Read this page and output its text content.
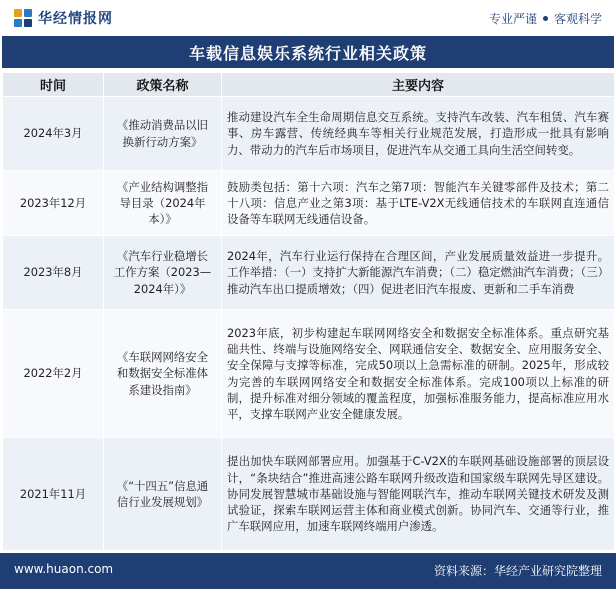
华经情报网	专业严谨 客观科学
车载信息娱乐系统行业相关政策
时间	政策名称	主要内容
2024年3月	《推动消费品以旧换新行动方案》	推动建设汽车全生命周期信息交互系统。支持汽车改装、汽车租赁、汽车赛事、房车露营、传统经典车等相关行业规范发展，打造形成一批具有影响力、带动力的汽车后市场项目，促进汽车从交通工具向生活空间转变。
2023年12月	《产业结构调整指导目录（2024年本）》	鼓励类包括：第十六项：汽车之第7项：智能汽车关键零部件及技术；第二十八项：信息产业之第3项：基于LTE-V2X无线通信技术的车联网直连通信设备等车联网无线通信设备。
2023年8月	《汽车行业稳增长工作方案（2023—2024年）》	2024年，汽车行业运行保持在合理区间，产业发展质量效益进一步提升。工作举措：（一）支持扩大新能源汽车消费；（二）稳定燃油汽车消费；（三）推动汽车出口提质增效；（四）促进老旧汽车报废、更新和二手车消费
2022年2月	《车联网网络安全和数据安全标准体系建设指南》	2023年底，初步构建起车联网网络安全和数据安全标准体系。重点研究基础共性、终端与设施网络安全、网联通信安全、数据安全、应用服务安全、安全保障与支撑等标准，完成50项以上急需标准的研制。2025年，形成较为完善的车联网网络安全和数据安全标准体系。完成100项以上标准的研制，提升标准对细分领域的覆盖程度，加强标准服务能力，提高标准应用水平，支撑车联网产业安全健康发展。
2021年11月	《“十四五”信息通信行业发展规划》	提出加快车联网部署应用。加强基于C-V2X的车联网基础设施部署的顶层设计，“条块结合”推进高速公路车联网升级改造和国家级车联网先导区建设。协同发展智慧城市基础设施与智能网联汽车，推动车联网关键技术研发及测试验证，探索车联网运营主体和商业模式创新。协同汽车、交通等行业，推广车联网应用，加速车联网终端用户渗透。
www.huaon.com	资料来源：华经产业研究院整理
